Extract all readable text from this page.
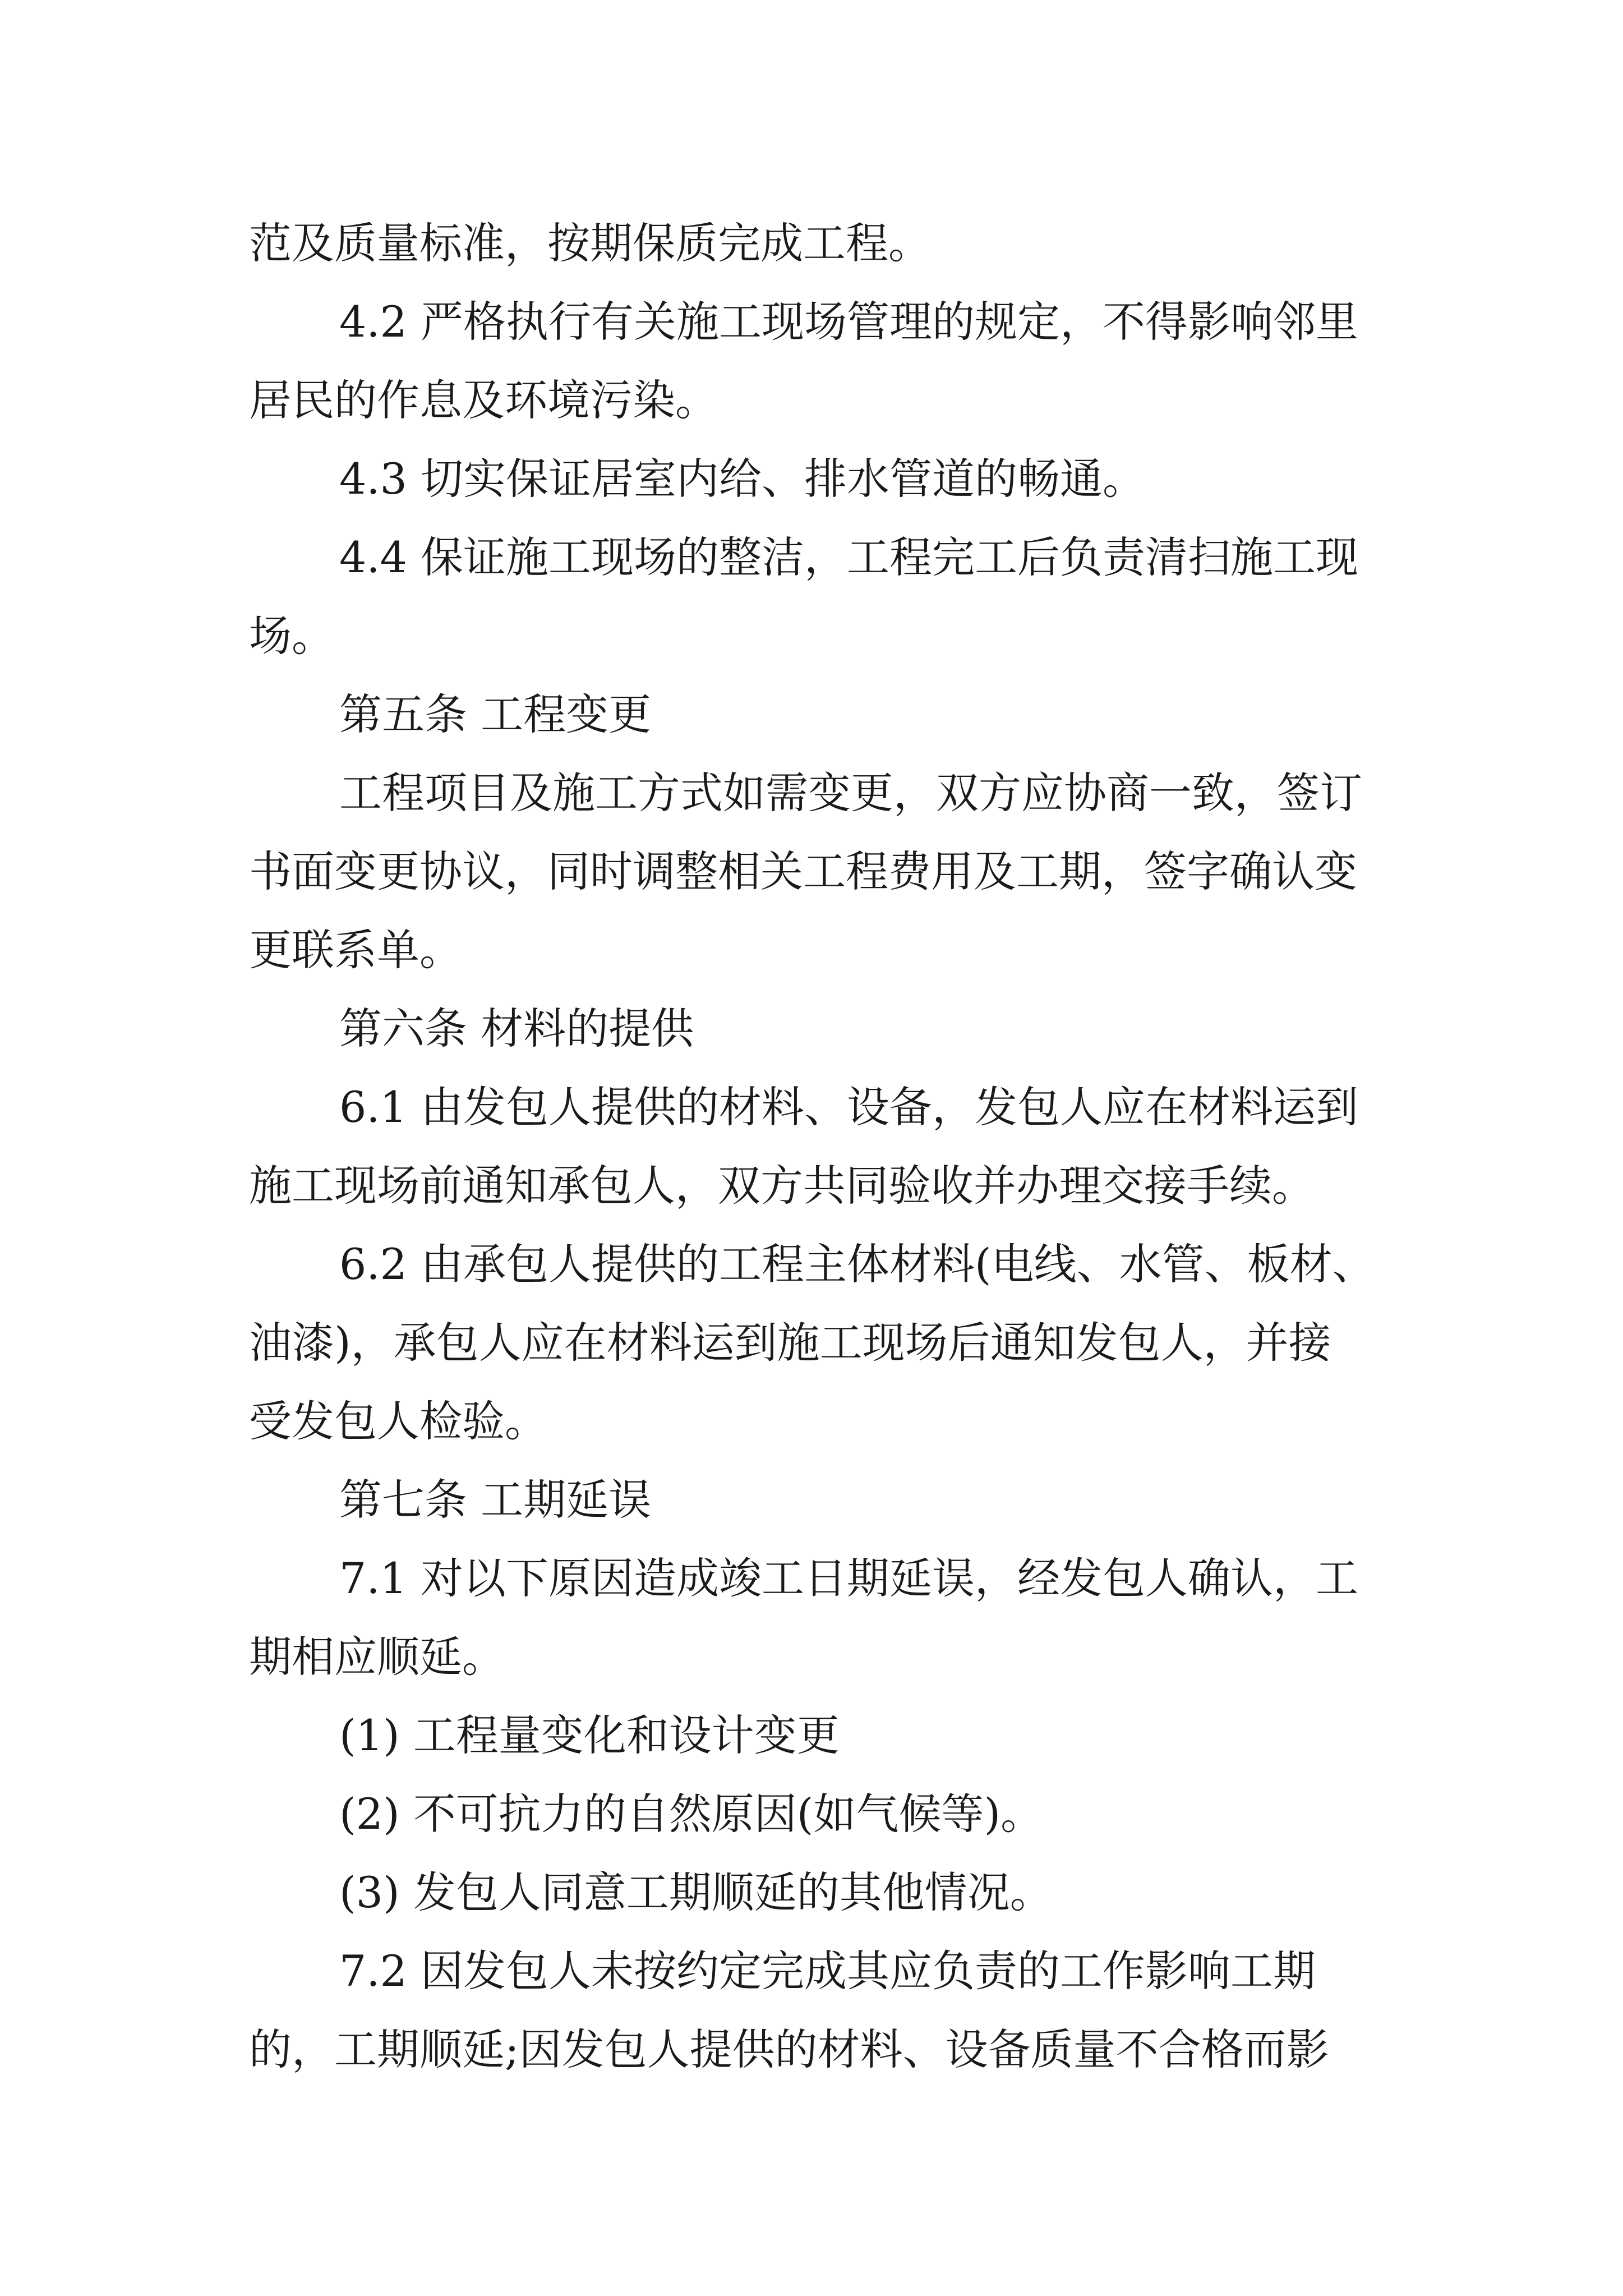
范及质量标准，按期保质完成工程。
4.2 严格执行有关施工现场管理的规定，不得影响邻里
居民的作息及环境污染。
4.3 切实保证居室内给、排水管道的畅通。
4.4 保证施工现场的整洁，工程完工后负责清扫施工现
场。
第五条 工程变更
工程项目及施工方式如需变更，双方应协商一致，签订
书面变更协议，同时调整相关工程费用及工期，签字确认变
更联系单。
第六条 材料的提供
6.1 由发包人提供的材料、设备，发包人应在材料运到
施工现场前通知承包人，双方共同验收并办理交接手续。
6.2 由承包人提供的工程主体材料(电线、水管、板材、
油漆)，承包人应在材料运到施工现场后通知发包人，并接
受发包人检验。
第七条 工期延误
7.1 对以下原因造成竣工日期延误，经发包人确认，工
期相应顺延。
(1) 工程量变化和设计变更
(2) 不可抗力的自然原因(如气候等)。
(3) 发包人同意工期顺延的其他情况。
7.2 因发包人未按约定完成其应负责的工作影响工期
的，工期顺延;因发包人提供的材料、设备质量不合格而影
